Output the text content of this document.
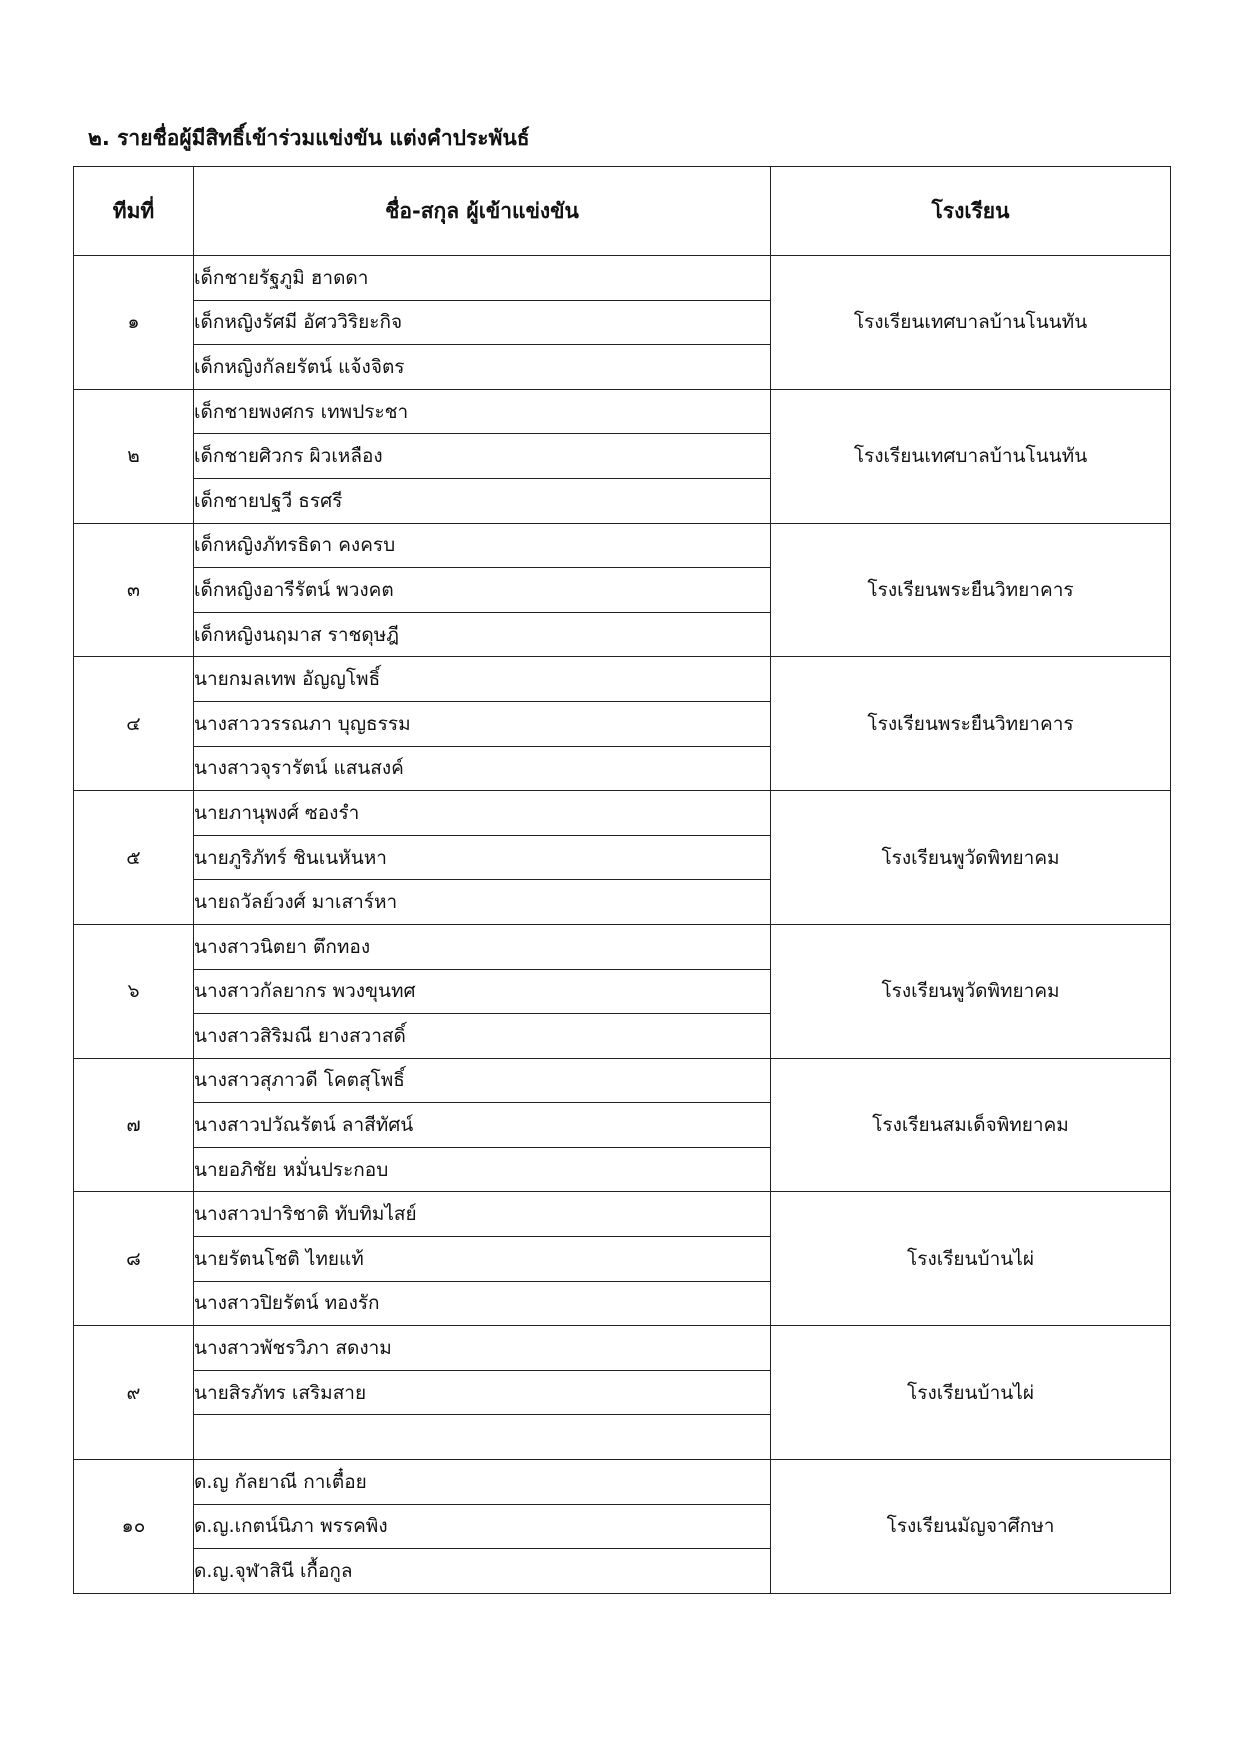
๒. รายชื่อผู้มีสิทธิ์เข้าร่วมแข่งขัน แต่งคำประพันธ์
ทีมที่	ชื่อ-สกุล ผู้เข้าแข่งขัน	โรงเรียน
๑	เด็กชายรัฐภูมิ ฮาดดา	โรงเรียนเทศบาลบ้านโนนทัน
	เด็กหญิงรัศมี อัศววิริยะกิจ	
	เด็กหญิงกัลยรัตน์ แจ้งจิตร	
๒	เด็กชายพงศกร เทพประชา	โรงเรียนเทศบาลบ้านโนนทัน
	เด็กชายศิวกร ผิวเหลือง	
	เด็กชายปฐวี ธรศรี	
๓	เด็กหญิงภัทรธิดา คงครบ	โรงเรียนพระยืนวิทยาคาร
	เด็กหญิงอารีรัตน์ พวงคต	
	เด็กหญิงนฤมาส ราชดุษฎี	
๔	นายกมลเทพ อัญญโพธิ์	โรงเรียนพระยืนวิทยาคาร
	นางสาววรรณภา บุญธรรม	
	นางสาวจุรารัตน์ แสนสงค์	
๕	นายภานุพงศ์ ซองรำ	โรงเรียนพูวัดพิทยาคม
	นายภูริภัทร์ ชินเนหันหา	
	นายถวัลย์วงศ์ มาเสาร์หา	
๖	นางสาวนิตยา ตึกทอง	โรงเรียนพูวัดพิทยาคม
	นางสาวกัลยากร พวงขุนทศ	
	นางสาวสิริมณี ยางสวาสดิ์	
๗	นางสาวสุภาวดี โคตสุโพธิ์	โรงเรียนสมเด็จพิทยาคม
	นางสาวปวัณรัตน์ ลาสีทัศน์	
	นายอภิชัย หมั่นประกอบ	
๘	นางสาวปาริชาติ ทับทิมไสย์	โรงเรียนบ้านไผ่
	นายรัตนโชติ ไทยแท้	
	นางสาวปิยรัตน์ ทองรัก	
๙	นางสาวพัชรวิภา สดงาม	โรงเรียนบ้านไผ่
	นายสิรภัทร เสริมสาย	

๑๐	ด.ญ กัลยาณี กาเตื๋อย	โรงเรียนมัญจาศึกษา
	ด.ญ.เกตน์นิภา พรรคพิง	
	ด.ญ.จุฬาสินี เกื้อกูล	
